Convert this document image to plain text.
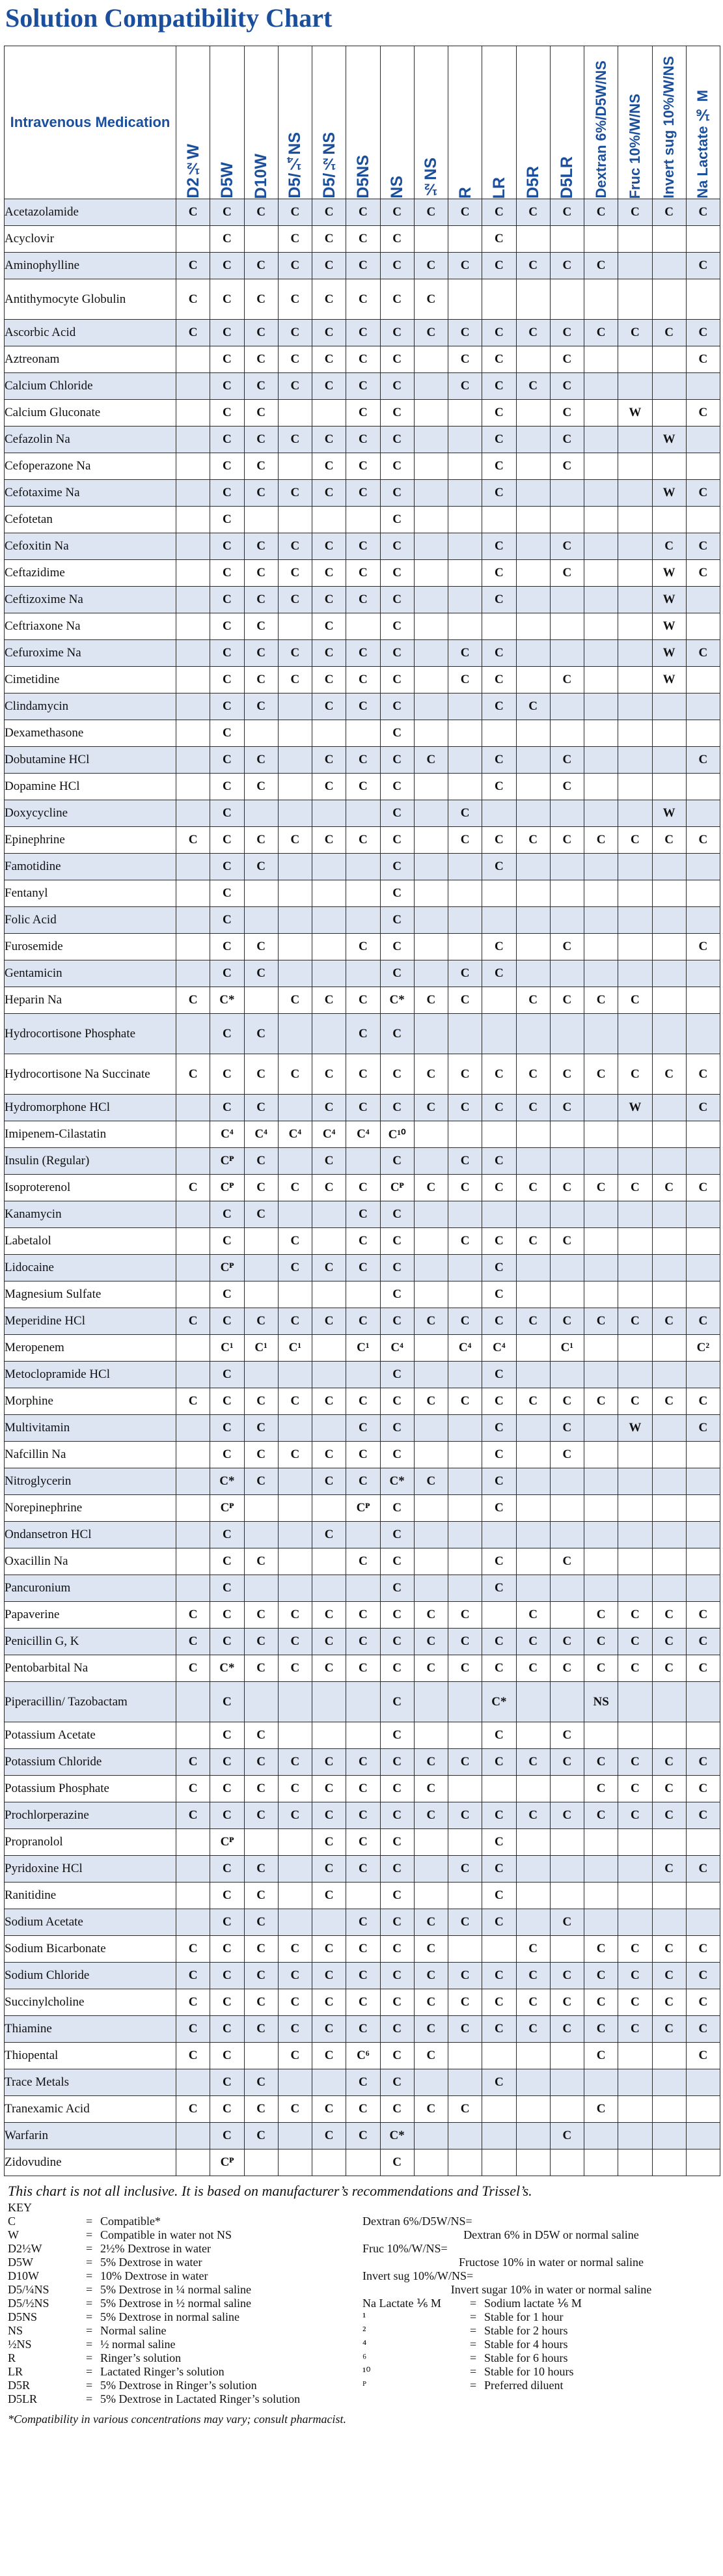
Solution Compatibility Chart
Intravenous Medication	D2½W	D5W	D10W	D5/¼NS	D5/½NS	D5NS	NS	½NS	R	LR	D5R	D5LR	Dextran 6%/D5W/NS	Fruc 10%/W/NS	Invert sug 10%/W/NS	Na Lactate ⅙ M

Acetazolamide	C	C	C	C	C	C	C	C	C	C	C	C	C	C	C	C
Acyclovir		C		C	C	C	C			C						
Aminophylline	C	C	C	C	C	C	C	C	C	C	C	C	C			C
Antithymocyte Globulin	C	C	C	C	C	C	C	C								
Ascorbic Acid	C	C	C	C	C	C	C	C	C	C	C	C	C	C	C	C
Aztreonam		C	C	C	C	C	C		C	C		C				C
Calcium Chloride		C	C	C	C	C	C		C	C	C	C				
Calcium Gluconate		C	C			C	C			C		C		W		C
Cefazolin Na		C	C	C	C	C	C			C		C			W	
Cefoperazone Na		C	C		C	C	C			C		C				
Cefotaxime Na		C	C	C	C	C	C			C					W	C
Cefotetan		C					C									
Cefoxitin Na		C	C	C	C	C	C			C		C			C	C
Ceftazidime		C	C	C	C	C	C			C		C			W	C
Ceftizoxime Na		C	C	C	C	C	C			C					W	
Ceftriaxone Na		C	C		C		C								W	
Cefuroxime Na		C	C	C	C	C	C		C	C					W	C
Cimetidine		C	C	C	C	C	C		C	C		C			W	
Clindamycin		C	C		C	C	C			C	C					
Dexamethasone		C					C									
Dobutamine HCl		C	C		C	C	C	C		C		C				C
Dopamine HCl		C	C		C	C	C			C		C				
Doxycycline		C					C		C						W	
Epinephrine	C	C	C	C	C	C	C		C	C	C	C	C	C	C	C
Famotidine		C	C				C			C						
Fentanyl		C					C									
Folic Acid		C					C									
Furosemide		C	C			C	C			C		C				C
Gentamicin		C	C				C		C	C						
Heparin Na	C	C*		C	C	C	C*	C	C		C	C	C	C		
Hydrocortisone Phosphate		C	C			C	C									
Hydrocortisone Na Succinate	C	C	C	C	C	C	C	C	C	C	C	C	C	C	C	C
Hydromorphone HCl		C	C		C	C	C	C	C	C	C	C		W		C
Imipenem-Cilastatin		C⁴	C⁴	C⁴	C⁴	C⁴	C¹⁰									
Insulin (Regular)		Cᴾ	C		C		C		C	C						
Isoproterenol	C	Cᴾ	C	C	C	C	Cᴾ	C	C	C	C	C	C	C	C	C
Kanamycin		C	C			C	C									
Labetalol		C		C		C	C		C	C	C	C				
Lidocaine		Cᴾ		C	C	C	C			C						
Magnesium Sulfate		C					C			C						
Meperidine HCl	C	C	C	C	C	C	C	C	C	C	C	C	C	C	C	C
Meropenem		C¹	C¹	C¹		C¹	C⁴		C⁴	C⁴		C¹				C²
Metoclopramide HCl		C					C			C						
Morphine	C	C	C	C	C	C	C	C	C	C	C	C	C	C	C	C
Multivitamin		C	C			C	C			C		C		W		C
Nafcillin Na		C	C	C	C	C	C			C		C				
Nitroglycerin		C*	C		C	C	C*	C		C						
Norepinephrine		Cᴾ				Cᴾ	C			C						
Ondansetron HCl		C			C		C									
Oxacillin Na		C	C			C	C			C		C				
Pancuronium		C					C			C						
Papaverine	C	C	C	C	C	C	C	C	C		C		C	C	C	C
Penicillin G, K	C	C	C	C	C	C	C	C	C	C	C	C	C	C	C	C
Pentobarbital Na	C	C*	C	C	C	C	C	C	C	C	C	C	C	C	C	C
Piperacillin/ Tazobactam		C					C			C*			NS			
Potassium Acetate		C	C				C			C		C				
Potassium Chloride	C	C	C	C	C	C	C	C	C	C	C	C	C	C	C	C
Potassium Phosphate	C	C	C	C	C	C	C	C					C	C	C	C
Prochlorperazine	C	C	C	C	C	C	C	C	C	C	C	C	C	C	C	C
Propranolol		Cᴾ			C	C	C			C						
Pyridoxine HCl		C	C		C	C	C		C	C					C	C
Ranitidine		C	C		C		C			C						
Sodium Acetate		C	C			C	C	C	C	C		C				
Sodium Bicarbonate	C	C	C	C	C	C	C	C			C		C	C	C	C
Sodium Chloride	C	C	C	C	C	C	C	C	C	C	C	C	C	C	C	C
Succinylcholine	C	C	C	C	C	C	C	C	C	C	C	C	C	C	C	C
Thiamine	C	C	C	C	C	C	C	C	C	C	C	C	C	C	C	C
Thiopental	C	C		C	C	C⁶	C	C					C			C
Trace Metals		C	C			C	C			C						
Tranexamic Acid	C	C	C	C	C	C	C	C	C				C			
Warfarin		C	C		C	C	C*					C				
Zidovudine		Cᴾ					C									
This chart is not all inclusive. It is based on manufacturer’s recommendations and Trissel’s.
KEY
C	= Compatible*
W	= Compatible in water not NS
D2½W	= 2½% Dextrose in water
D5W	= 5% Dextrose in water
D10W	= 10% Dextrose in water
D5/¼NS	= 5% Dextrose in ¼ normal saline
D5/½NS	= 5% Dextrose in ½ normal saline
D5NS	= 5% Dextrose in normal saline
NS	= Normal saline
½NS	= ½ normal saline
R	= Ringer’s solution
LR	= Lactated Ringer’s solution
D5R	= 5% Dextrose in Ringer’s solution
D5LR	= 5% Dextrose in Lactated Ringer’s solution
Dextran 6%/D5W/NS=
Dextran 6% in D5W or normal saline
Fruc 10%/W/NS=
Fructose 10% in water or normal saline
Invert sug 10%/W/NS=
Invert sugar 10% in water or normal saline
Na Lactate ⅙ M	= Sodium lactate ⅙ M
¹	= Stable for 1 hour
²	= Stable for 2 hours
⁴	= Stable for 4 hours
⁶	= Stable for 6 hours
¹⁰	= Stable for 10 hours
ᴾ	= Preferred diluent
*Compatibility in various concentrations may vary; consult pharmacist.
